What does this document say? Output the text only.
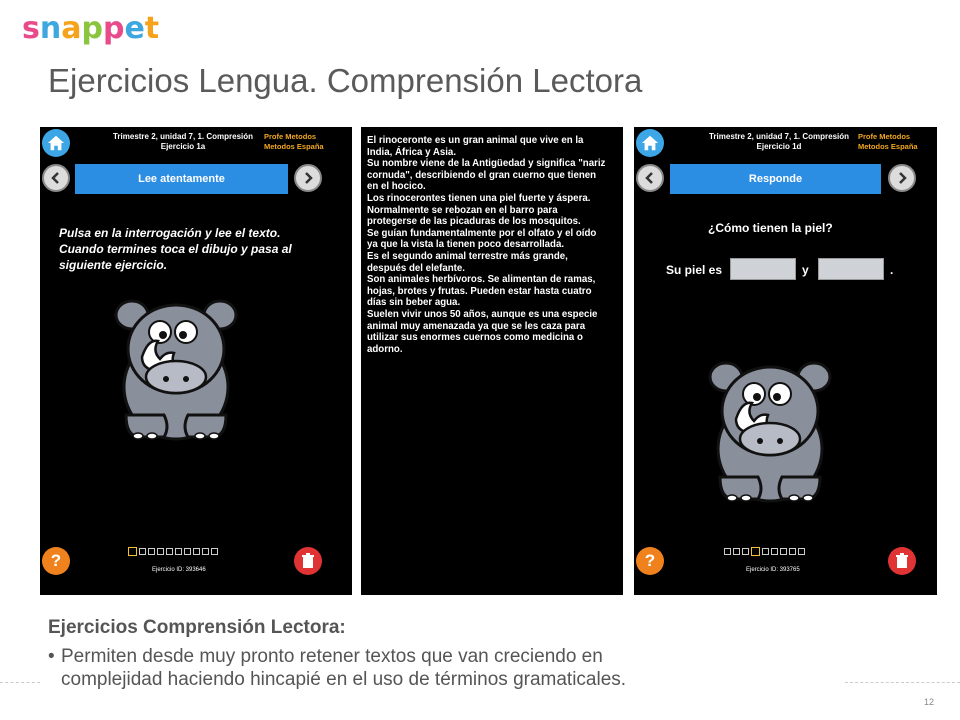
s n a p p e t
Ejercicios Lengua. Comprensión Lectora
Trimestre 2, unidad 7, 1. Compresión
Ejercicio 1a
Profe Metodos
Metodos España
Lee atentamente
Pulsa en la interrogación y lee el texto.
Cuando termines toca el dibujo y pasa al
siguiente ejercicio.
?	Ejercicio ID: 393646

El rinoceronte es un gran animal que vive en la

India, África y Asia.

Su nombre viene de la Antigüedad y significa "nariz

cornuda", describiendo el gran cuerno que tienen

en el hocico.

Los rinocerontes tienen una piel fuerte y áspera.

Normalmente se rebozan en el barro para

protegerse de las picaduras de los mosquitos.

Se guían fundamentalmente por el olfato y el oído

ya que la vista la tienen poco desarrollada.

Es el segundo animal terrestre más grande,

después del elefante.

Son animales herbívoros. Se alimentan de ramas,

hojas, brotes y frutas. Pueden estar hasta cuatro

días sin beber agua.

Suelen vivir unos 50 años, aunque es una especie

animal muy amenazada ya que se les caza para

utilizar sus enormes cuernos como medicina o

adorno.

Trimestre 2, unidad 7, 1. Compresión
Ejercicio 1d
Profe Metodos
Metodos España
Responde
¿Cómo tienen la piel?
Su piel es	y	.
?	Ejercicio ID: 393765
Ejercicios Comprensión Lectora:
• Permiten desde muy pronto retener textos que van creciendo en
complejidad haciendo hincapié en el uso de términos gramaticales.
12
